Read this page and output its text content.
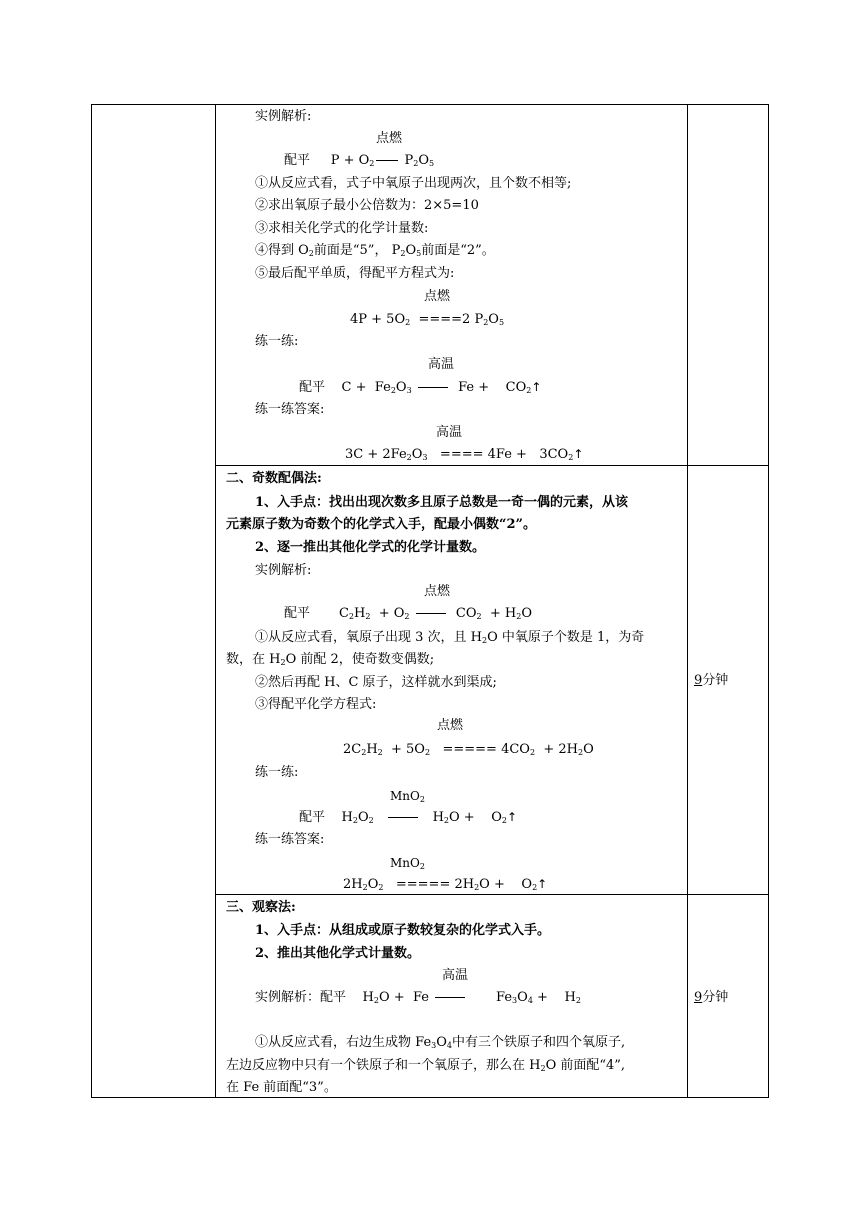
实例解析:
点燃
配平 $P + O_2$ $P_2O_5$
①从反应式看，式子中氧原子出现两次，且个数不相等;
②求出氧原子最小公倍数为：2×5=10
③求相关化学式的化学计量数:
④得到 $O_2$前面是“5”， $P_2O_5$前面是“2”。
⑤最后配平单质，得配平方程式为:
点燃
$4P + 5O_2 ====2$ $P_2O_5$
练一练:
高温
配平 $C + Fe_2O_3$	$Fe + CO_2↑$
练一练答案:
高温
$3C + 2Fe_2O_3$ ==== $4Fe + 3CO_2↑$
二、奇数配偶法:
1、入手点：找出出现次数多且原子总数是一奇一偶的元素，从该
元素原子数为奇数个的化学式入手，配最小偶数“2”。
2、逐一推出其他化学式的化学计量数。
实例解析:
点燃
配平 $C_2H_2 + O_2$	$CO_2 + H_2O$
①从反应式看，氧原子出现 3 次，且 $H_2O$ 中氧原子个数是 1，为奇
数，在 $H_2O$ 前配 2，使奇数变偶数;
②然后再配 H、C 原子，这样就水到渠成;
③得配平化学方程式:
点燃
$2C_2H_2 + 5O_2$ ===== $4CO_2 + 2H_2O$
练一练:
MnO$_2$
配平 $H_2O_2$	$H_2O$ + $O_2↑$
练一练答案:
MnO$_2$
$2H_2O_2$ ===== $2H_2O$ + $O_2↑$
9分钟
三、观察法:
1、入手点：从组成或原子数较复杂的化学式入手。
2、推出其他化学式计量数。
高温
实例解析：配平 $H_2O + Fe$	$Fe_3O_4 + H_2$
①从反应式看，右边生成物 $Fe_3O_4$中有三个铁原子和四个氧原子,
左边反应物中只有一个铁原子和一个氧原子，那么在 $H_2O$ 前面配“4”,
在 Fe 前面配“3”。
9分钟
